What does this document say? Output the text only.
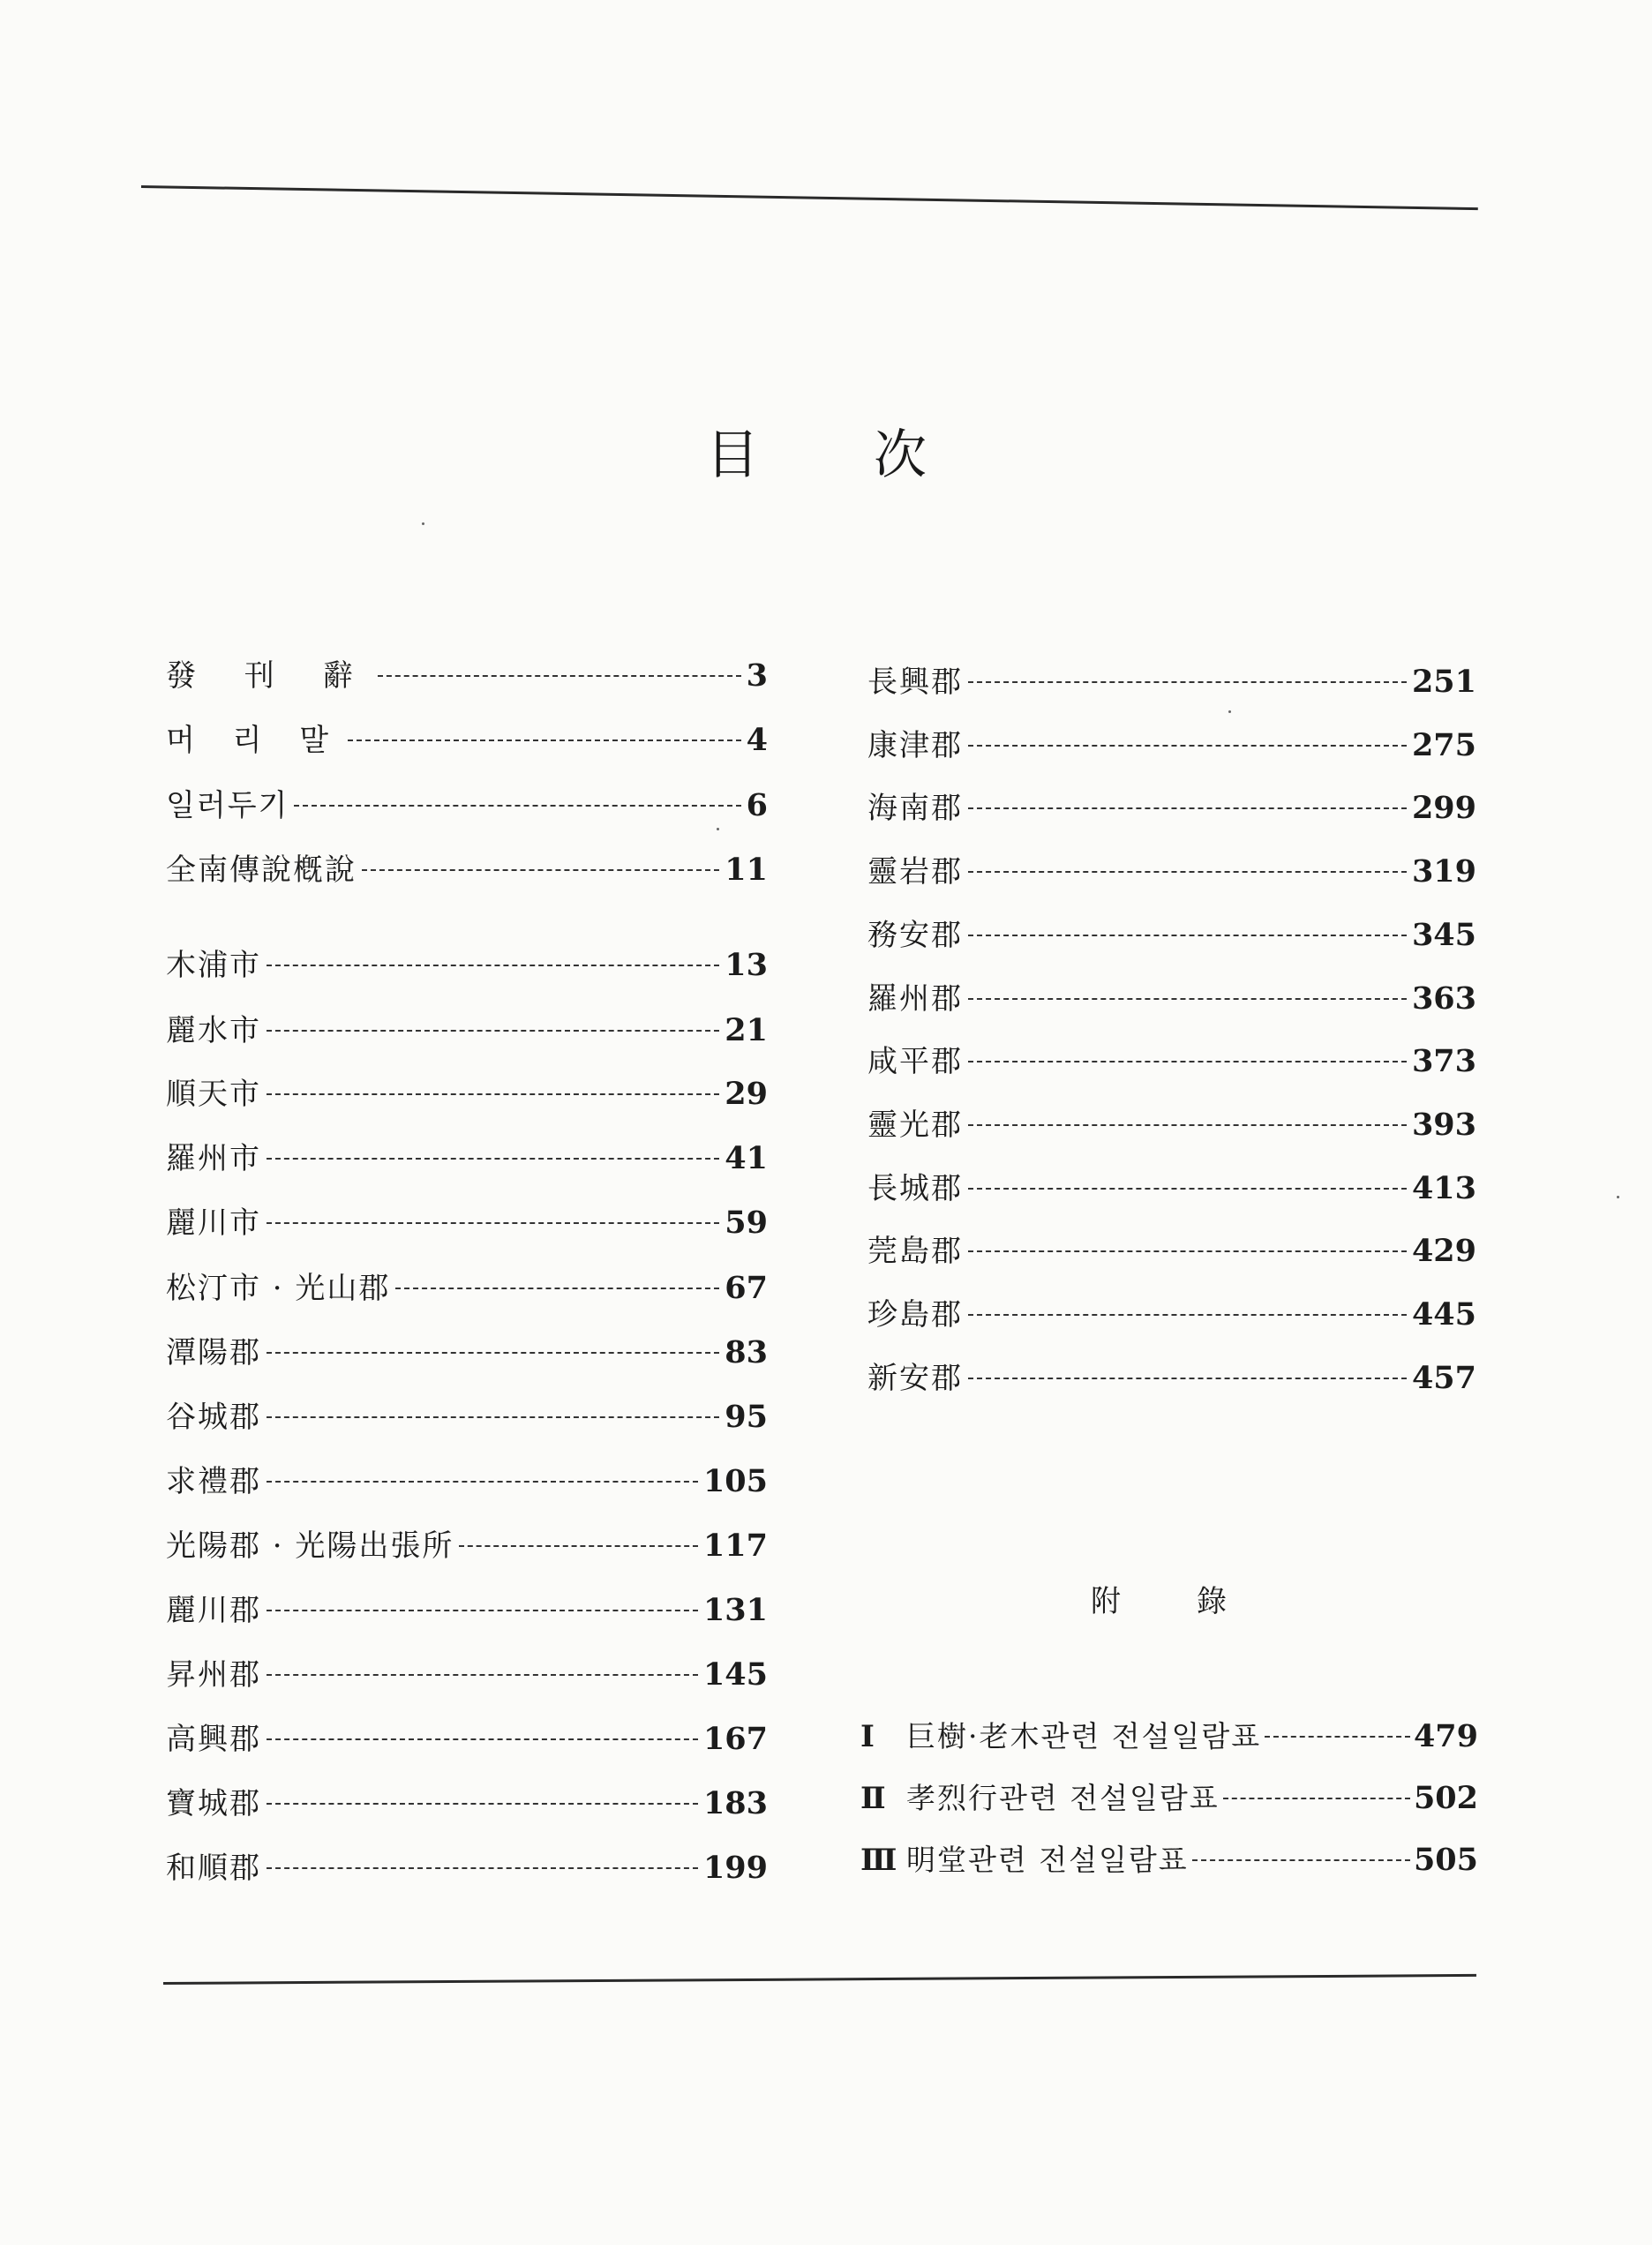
目 次
發 刊 辭	3
머 리 말	4
일러두기	6
全南傳說槪說	11
木浦市	13
麗水市	21
順天市	29
羅州市	41
麗川市	59
松汀市 · 光山郡	67
潭陽郡	83
谷城郡	95
求禮郡	105
光陽郡 · 光陽出張所	117
麗川郡	131
昇州郡	145
高興郡	167
寶城郡	183
和順郡	199
長興郡	251
康津郡	275
海南郡	299
靈岩郡	319
務安郡	345
羅州郡	363
咸平郡	373
靈光郡	393
長城郡	413
莞島郡	429
珍島郡	445
新安郡	457
附	錄
Ⅰ	巨樹·老木관련 전설일람표	479
Ⅱ 孝烈行관련 전설일람표	502
Ⅲ 明堂관련 전설일람표	505
